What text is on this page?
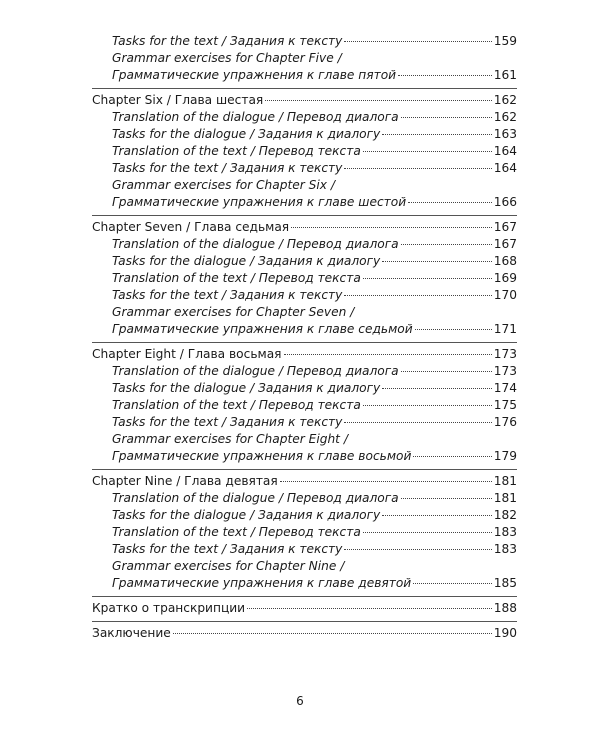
Tasks for the text / Задания к тексту	159
Grammar exercises for Chapter Five /
Грамматические упражнения к главе пятой	161
Chapter Six / Глава шестая	162
Translation of the dialogue / Перевод диалога	162
Tasks for the dialogue / Задания к диалогу	163
Translation of the text / Перевод текста	164
Tasks for the text / Задания к тексту	164
Grammar exercises for Chapter Six /
Грамматические упражнения к главе шестой	166
Chapter Seven / Глава седьмая	167
Translation of the dialogue / Перевод диалога	167
Tasks for the dialogue / Задания к диалогу	168
Translation of the text / Перевод текста	169
Tasks for the text / Задания к тексту	170
Grammar exercises for Chapter Seven /
Грамматические упражнения к главе седьмой	171
Chapter Eight / Глава восьмая	173
Translation of the dialogue / Перевод диалога	173
Tasks for the dialogue / Задания к диалогу	174
Translation of the text / Перевод текста	175
Tasks for the text / Задания к тексту	176
Grammar exercises for Chapter Eight /
Грамматические упражнения к главе восьмой	179
Chapter Nine / Глава девятая	181
Translation of the dialogue / Перевод диалога	181
Tasks for the dialogue / Задания к диалогу	182
Translation of the text / Перевод текста	183
Tasks for the text / Задания к тексту	183
Grammar exercises for Chapter Nine /
Грамматические упражнения к главе девятой	185
Кратко о транскрипции	188
Заключение	190
6
